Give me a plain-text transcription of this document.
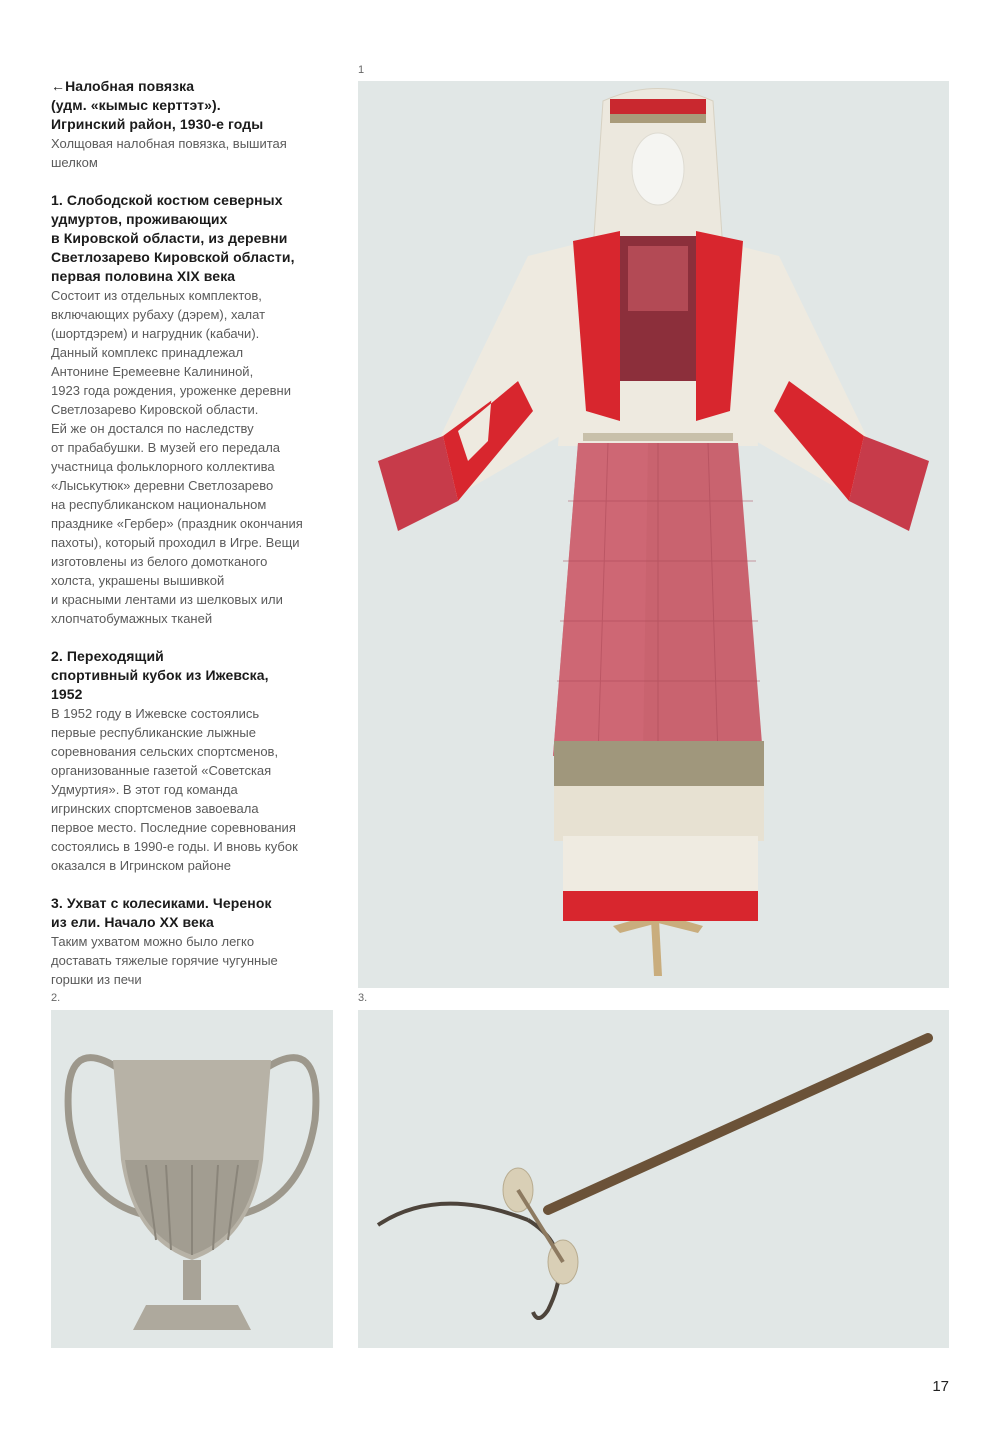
←Налобная повязка
(удм. «кымыс керттэт»).
Игринский район, 1930-е годы
Холщовая налобная повязка, вышитая
шелком
1. Слободской костюм северных
удмуртов, проживающих
в Кировской области, из деревни
Светлозарево Кировской области,
первая половина XIX века
Состоит из отдельных комплектов,
включающих рубаху (дэрем), халат
(шортдэрем) и нагрудник (кабачи).
Данный комплекс принадлежал
Антонине Еремеевне Калининой,
1923 года рождения, уроженке деревни
Светлозарево Кировской области.
Ей же он достался по наследству
от прабабушки. В музей его передала
участница фольклорного коллектива
«Лыськутюк» деревни Светлозарево
на республиканском национальном
празднике «Гербер» (праздник окончания
пахоты), который проходил в Игре. Вещи
изготовлены из белого домотканого
холста, украшены вышивкой
и красными лентами из шелковых или
хлопчатобумажных тканей
2. Переходящий
спортивный кубок из Ижевска,
1952
В 1952 году в Ижевске состоялись
первые республиканские лыжные
соревнования сельских спортсменов,
организованные газетой «Советская
Удмуртия». В этот год команда
игринских спортсменов завоевала
первое место. Последние соревнования
состоялись в 1990-е годы. И вновь кубок
оказался в Игринском районе
3. Ухват с колесиками. Черенок
из ели. Начало XX века
Таким ухватом можно было легко
доставать тяжелые горячие чугунные
горшки из печи
1
2.	3.
17
